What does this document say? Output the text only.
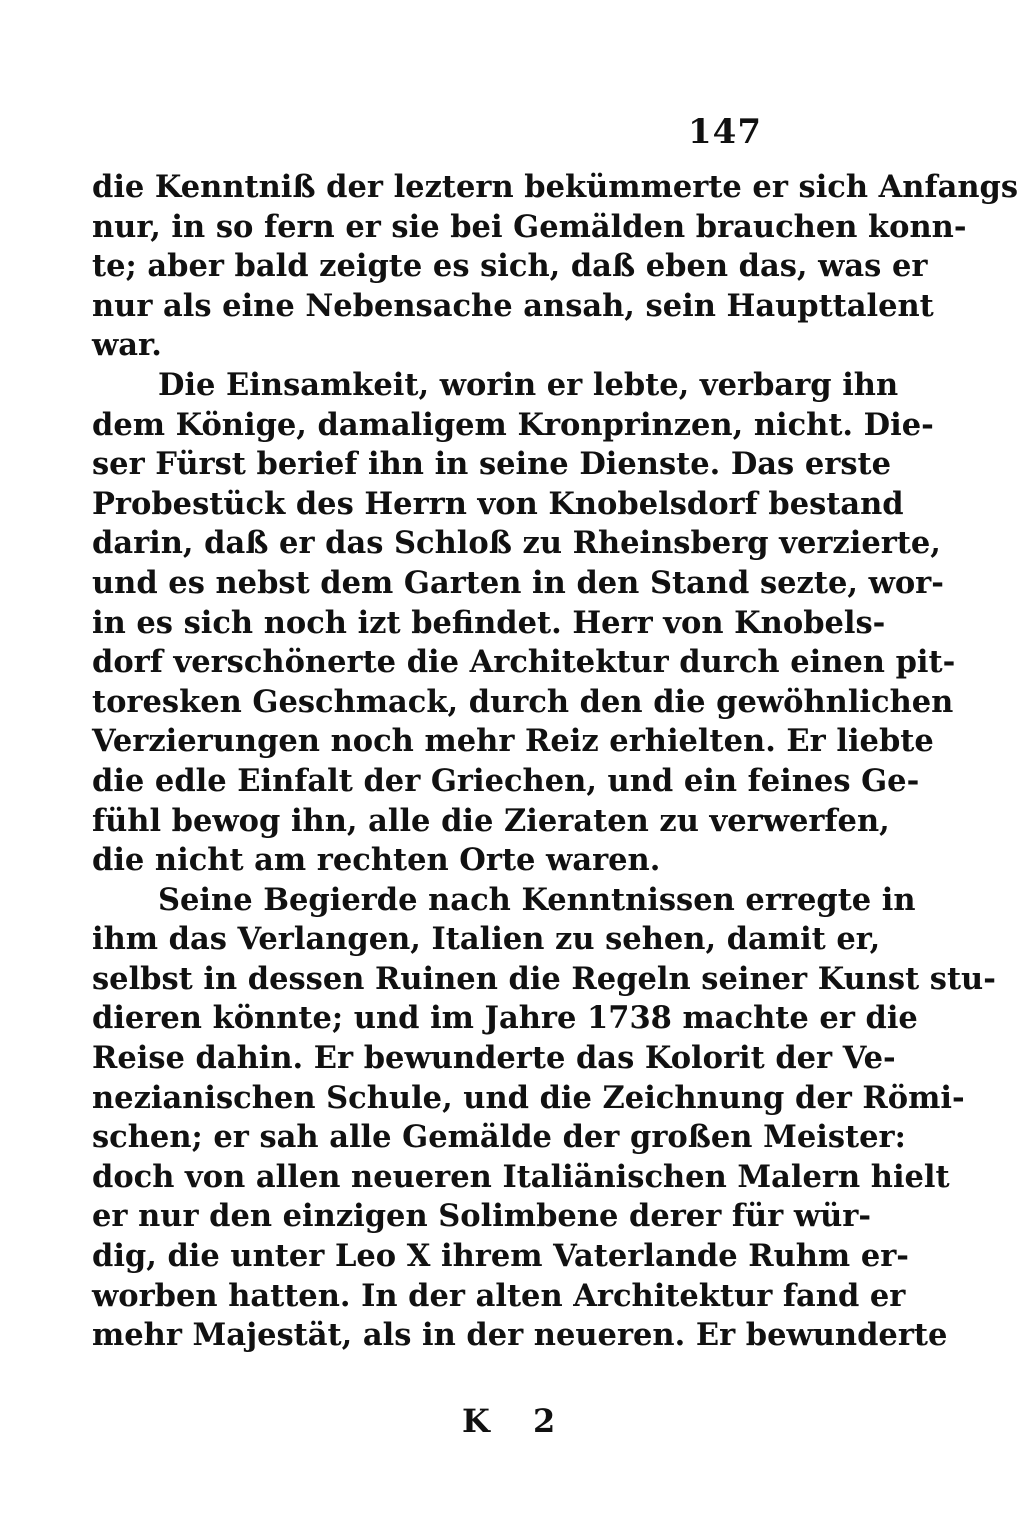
147
die Kenntniß der leztern bekümmerte er sich Anfangs
nur, in so fern er sie bei Gemälden brauchen konn-
te; aber bald zeigte es sich, daß eben das, was er
nur als eine Nebensache ansah, sein Haupttalent
war.
Die Einsamkeit, worin er lebte, verbarg ihn
dem Könige, damaligem Kronprinzen, nicht. Die-
ser Fürst berief ihn in seine Dienste. Das erste
Probestück des Herrn von Knobelsdorf bestand
darin, daß er das Schloß zu Rheinsberg verzierte,
und es nebst dem Garten in den Stand sezte, wor-
in es sich noch izt befindet. Herr von Knobels-
dorf verschönerte die Architektur durch einen pit-
toresken Geschmack, durch den die gewöhnlichen
Verzierungen noch mehr Reiz erhielten. Er liebte
die edle Einfalt der Griechen, und ein feines Ge-
fühl bewog ihn, alle die Zieraten zu verwerfen,
die nicht am rechten Orte waren.
Seine Begierde nach Kenntnissen erregte in
ihm das Verlangen, Italien zu sehen, damit er,
selbst in dessen Ruinen die Regeln seiner Kunst stu-
dieren könnte; und im Jahre 1738 machte er die
Reise dahin. Er bewunderte das Kolorit der Ve-
nezianischen Schule, und die Zeichnung der Römi-
schen; er sah alle Gemälde der großen Meister:
doch von allen neueren Italiänischen Malern hielt
er nur den einzigen Solimbene derer für wür-
dig, die unter Leo X ihrem Vaterlande Ruhm er-
worben hatten. In der alten Architektur fand er
mehr Majestät, als in der neueren. Er bewunderte
K 2
